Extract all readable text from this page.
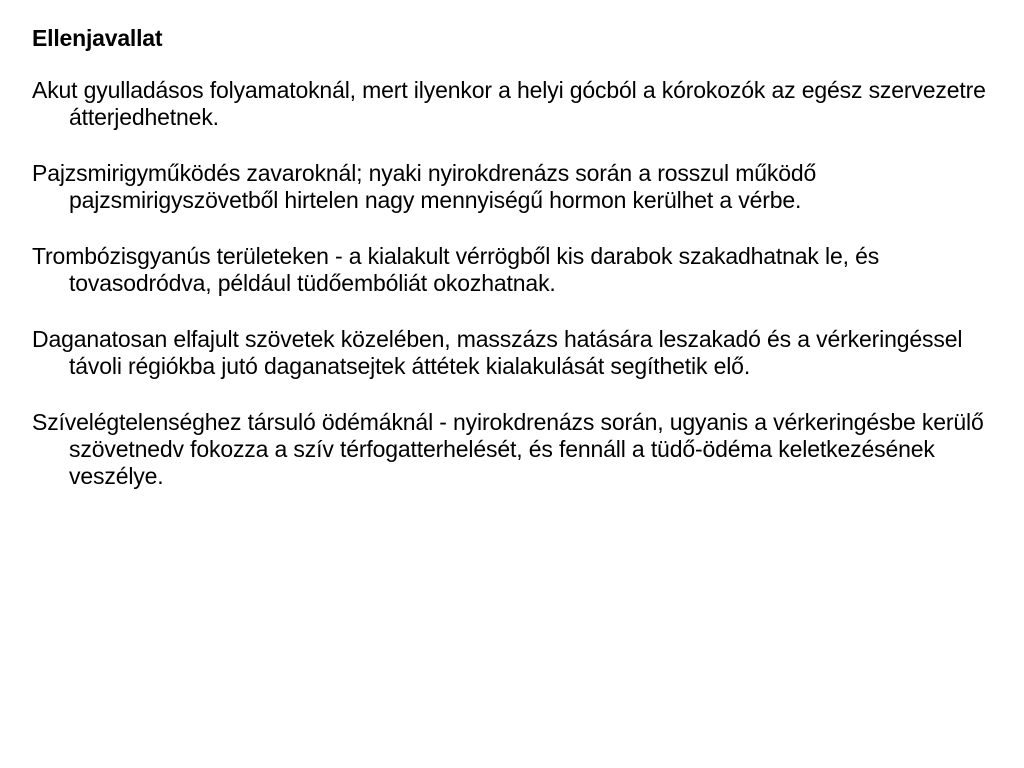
Ellenjavallat

Akut gyulladásos folyamatoknál, mert ilyenkor a helyi gócból a kórokozók az egész szervezetre átterjedhetnek.

Pajzsmirigyműködés zavaroknál; nyaki nyirokdrenázs során a rosszul működő pajzsmirigyszövetből hirtelen nagy mennyiségű hormon kerülhet a vérbe.

Trombózisgyanús területeken - a kialakult vérrögből kis darabok szakadhatnak le, és tovasodródva, például tüdőembóliát okozhatnak.

Daganatosan elfajult szövetek közelében, masszázs hatására leszakadó és a vérkeringéssel távoli régiókba jutó daganatsejtek áttétek kialakulását segíthetik elő.

Szívelégtelenséghez társuló ödémáknál - nyirokdrenázs során, ugyanis a vérkeringésbe kerülő szövetnedv fokozza a szív térfogatterhelését, és fennáll a tüdő-ödéma keletkezésének veszélye.
